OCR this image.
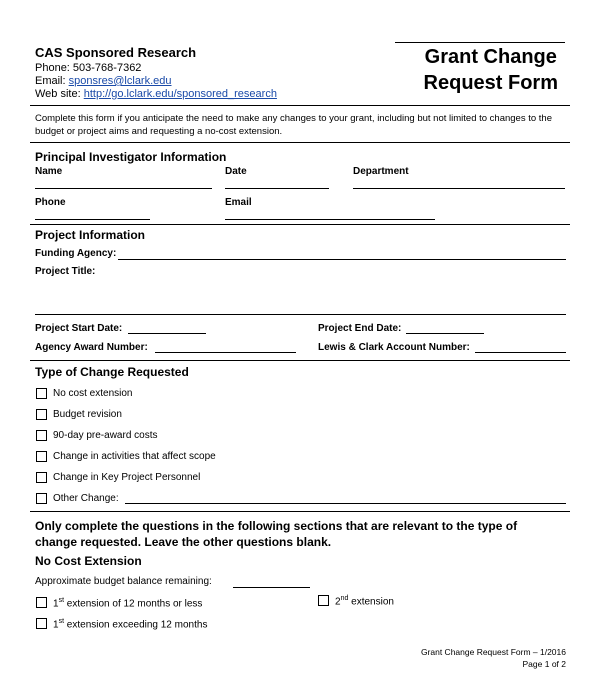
CAS Sponsored Research
Phone: 503-768-7362
Email: sponsres@lclark.edu
Web site: http://go.lclark.edu/sponsored_research
Grant Change
Request Form
Complete this form if you anticipate the need to make any changes to your grant, including but not limited to changes to the budget or project aims and requesting a no-cost extension.
Principal Investigator Information
Name	Date	Department
Phone	Email
Project Information
Funding Agency:
Project Title:
Project Start Date:	Project End Date:
Agency Award Number:	Lewis & Clark Account Number:
Type of Change Requested
No cost extension
Budget revision
90-day pre-award costs
Change in activities that affect scope
Change in Key Project Personnel
Other Change:
Only complete the questions in the following sections that are relevant to the type of change requested. Leave the other questions blank.
No Cost Extension
Approximate budget balance remaining:
1st extension of 12 months or less	2nd extension
1st extension exceeding 12 months
Grant Change Request Form – 1/2016
Page 1 of 2
